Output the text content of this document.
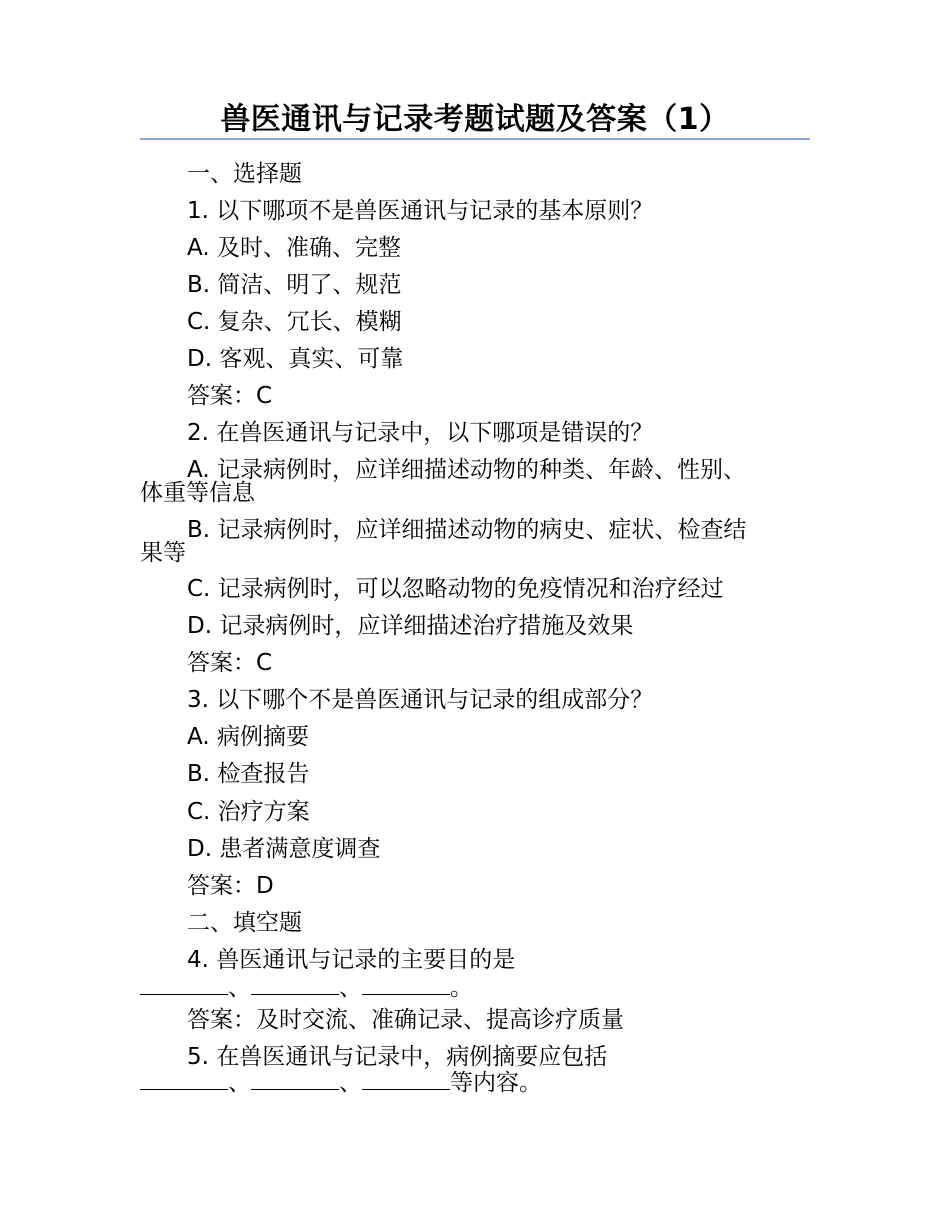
兽医通讯与记录考题试题及答案（1）
一、选择题
1. 以下哪项不是兽医通讯与记录的基本原则？
A. 及时、准确、完整
B. 简洁、明了、规范
C. 复杂、冗长、模糊
D. 客观、真实、可靠
答案：C
2. 在兽医通讯与记录中，以下哪项是错误的？
A. 记录病例时，应详细描述动物的种类、年龄、性别、
体重等信息
B. 记录病例时，应详细描述动物的病史、症状、检查结
果等
C. 记录病例时，可以忽略动物的免疫情况和治疗经过
D. 记录病例时，应详细描述治疗措施及效果
答案：C
3. 以下哪个不是兽医通讯与记录的组成部分？
A. 病例摘要
B. 检查报告
C. 治疗方案
D. 患者满意度调查
答案：D
二、填空题
4. 兽医通讯与记录的主要目的是
、	、	。
答案：及时交流、准确记录、提高诊疗质量
5. 在兽医通讯与记录中，病例摘要应包括
、	、	等内容。
